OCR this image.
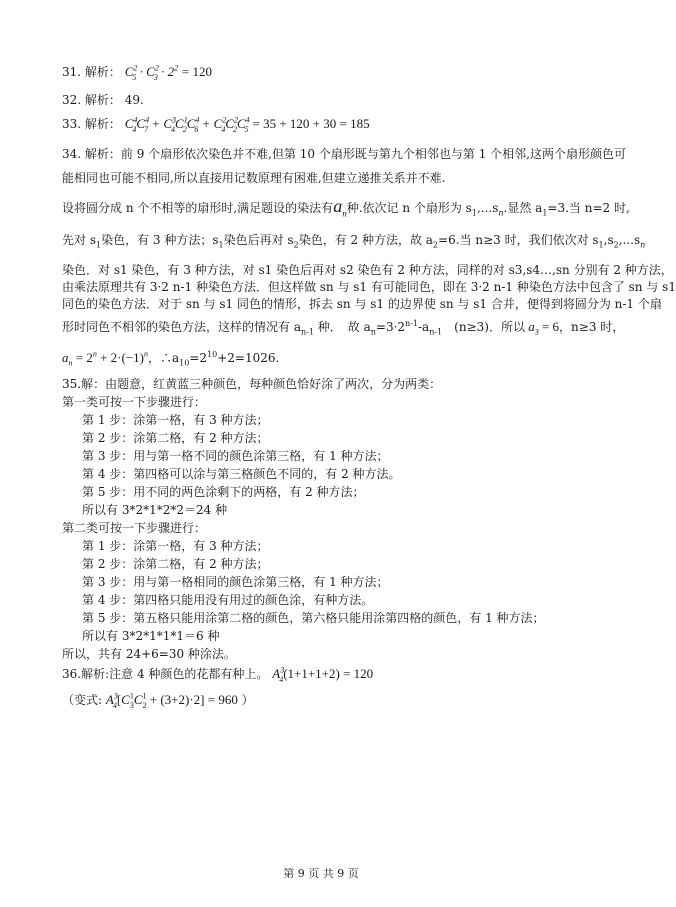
31. 解析： $C^2_5 \cdot C^2_3 \cdot 2^2 = 120$
32. 解析： 49.
33. 解析： $C^4_4C^4_7 + C^3_4C^1_2C^4_6 + C^2_4C^2_2C^4_5 = 35 + 120 + 30 = 185$
34. 解析：前 9 个扇形依次染色并不难,但第 10 个扇形既与第九个相邻也与第 1 个相邻,这两个扇形颜色可
能相同也可能不相同,所以直接用记数原理有困难,但建立递推关系并不难.
设将圆分成 n 个不相等的扇形时,满足题设的染法有$a_n$种.依次记 n 个扇形为 $s_1,...s_n$.显然 $a_1=3$.当 n=2 时,
先对 $s_1$染色，有 3 种方法；$s_1$染色后再对 $s_2$染色，有 2 种方法，故 $a_2=6$.当 n≥3 时，我们依次对 $s_1,s_2,...s_n$
染色．对 s1 染色，有 3 种方法，对 s1 染色后再对 s2 染色有 2 种方法，同样的对 s3,s4…,sn 分别有 2 种方法，
由乘法原理共有 3·2 n-1 种染色方法．但这样做 sn 与 s1 有可能同色，即在 3·2 n-1 种染色方法中包含了 sn 与 s1
同色的染色方法．对于 sn 与 s1 同色的情形，拆去 sn 与 s1 的边界使 sn 与 s1 合并，便得到将圆分为 n-1 个扇
形时同色不相邻的染色方法，这样的情况有 $a_{n-1}$ 种．　故 $a_n=3\cdot 2^{n-1}-a_{n-1}$　(n≥3)．所以 $a_3 = 6$，n≥3 时，
$a_n = 2^n + 2\cdot(-1)^n$，$\therefore a_{10}=2^{10}+2=1026$.
35.解：由题意，红黄蓝三种颜色，每种颜色恰好涂了两次，分为两类：
第一类可按一下步骤进行：
第 1 步：涂第一格，有 3 种方法；
第 2 步：涂第二格，有 2 种方法；
第 3 步：用与第一格不同的颜色涂第三格，有 1 种方法；
第 4 步：第四格可以涂与第三格颜色不同的，有 2 种方法。
第 5 步：用不同的两色涂剩下的两格，有 2 种方法；
所以有 3*2*1*2*2＝24 种
第二类可按一下步骤进行：
第 1 步：涂第一格，有 3 种方法；
第 2 步：涂第二格，有 2 种方法；
第 3 步：用与第一格相同的颜色涂第三格，有 1 种方法；
第 4 步：第四格只能用没有用过的颜色涂，有种方法。
第 5 步：第五格只能用涂第二格的颜色，第六格只能用涂第四格的颜色，有 1 种方法；
所以有 3*2*1*1*1＝6 种
所以，共有 24+6=30 种涂法。
36.解析:注意 4 种颜色的花都有种上。 $A^3_4(1+1+1+2) = 120$
（变式: $A^3_4[C^1_3C^1_2 + (3+2)\cdot 2] = 960$ ）
第 9 页 共 9 页
